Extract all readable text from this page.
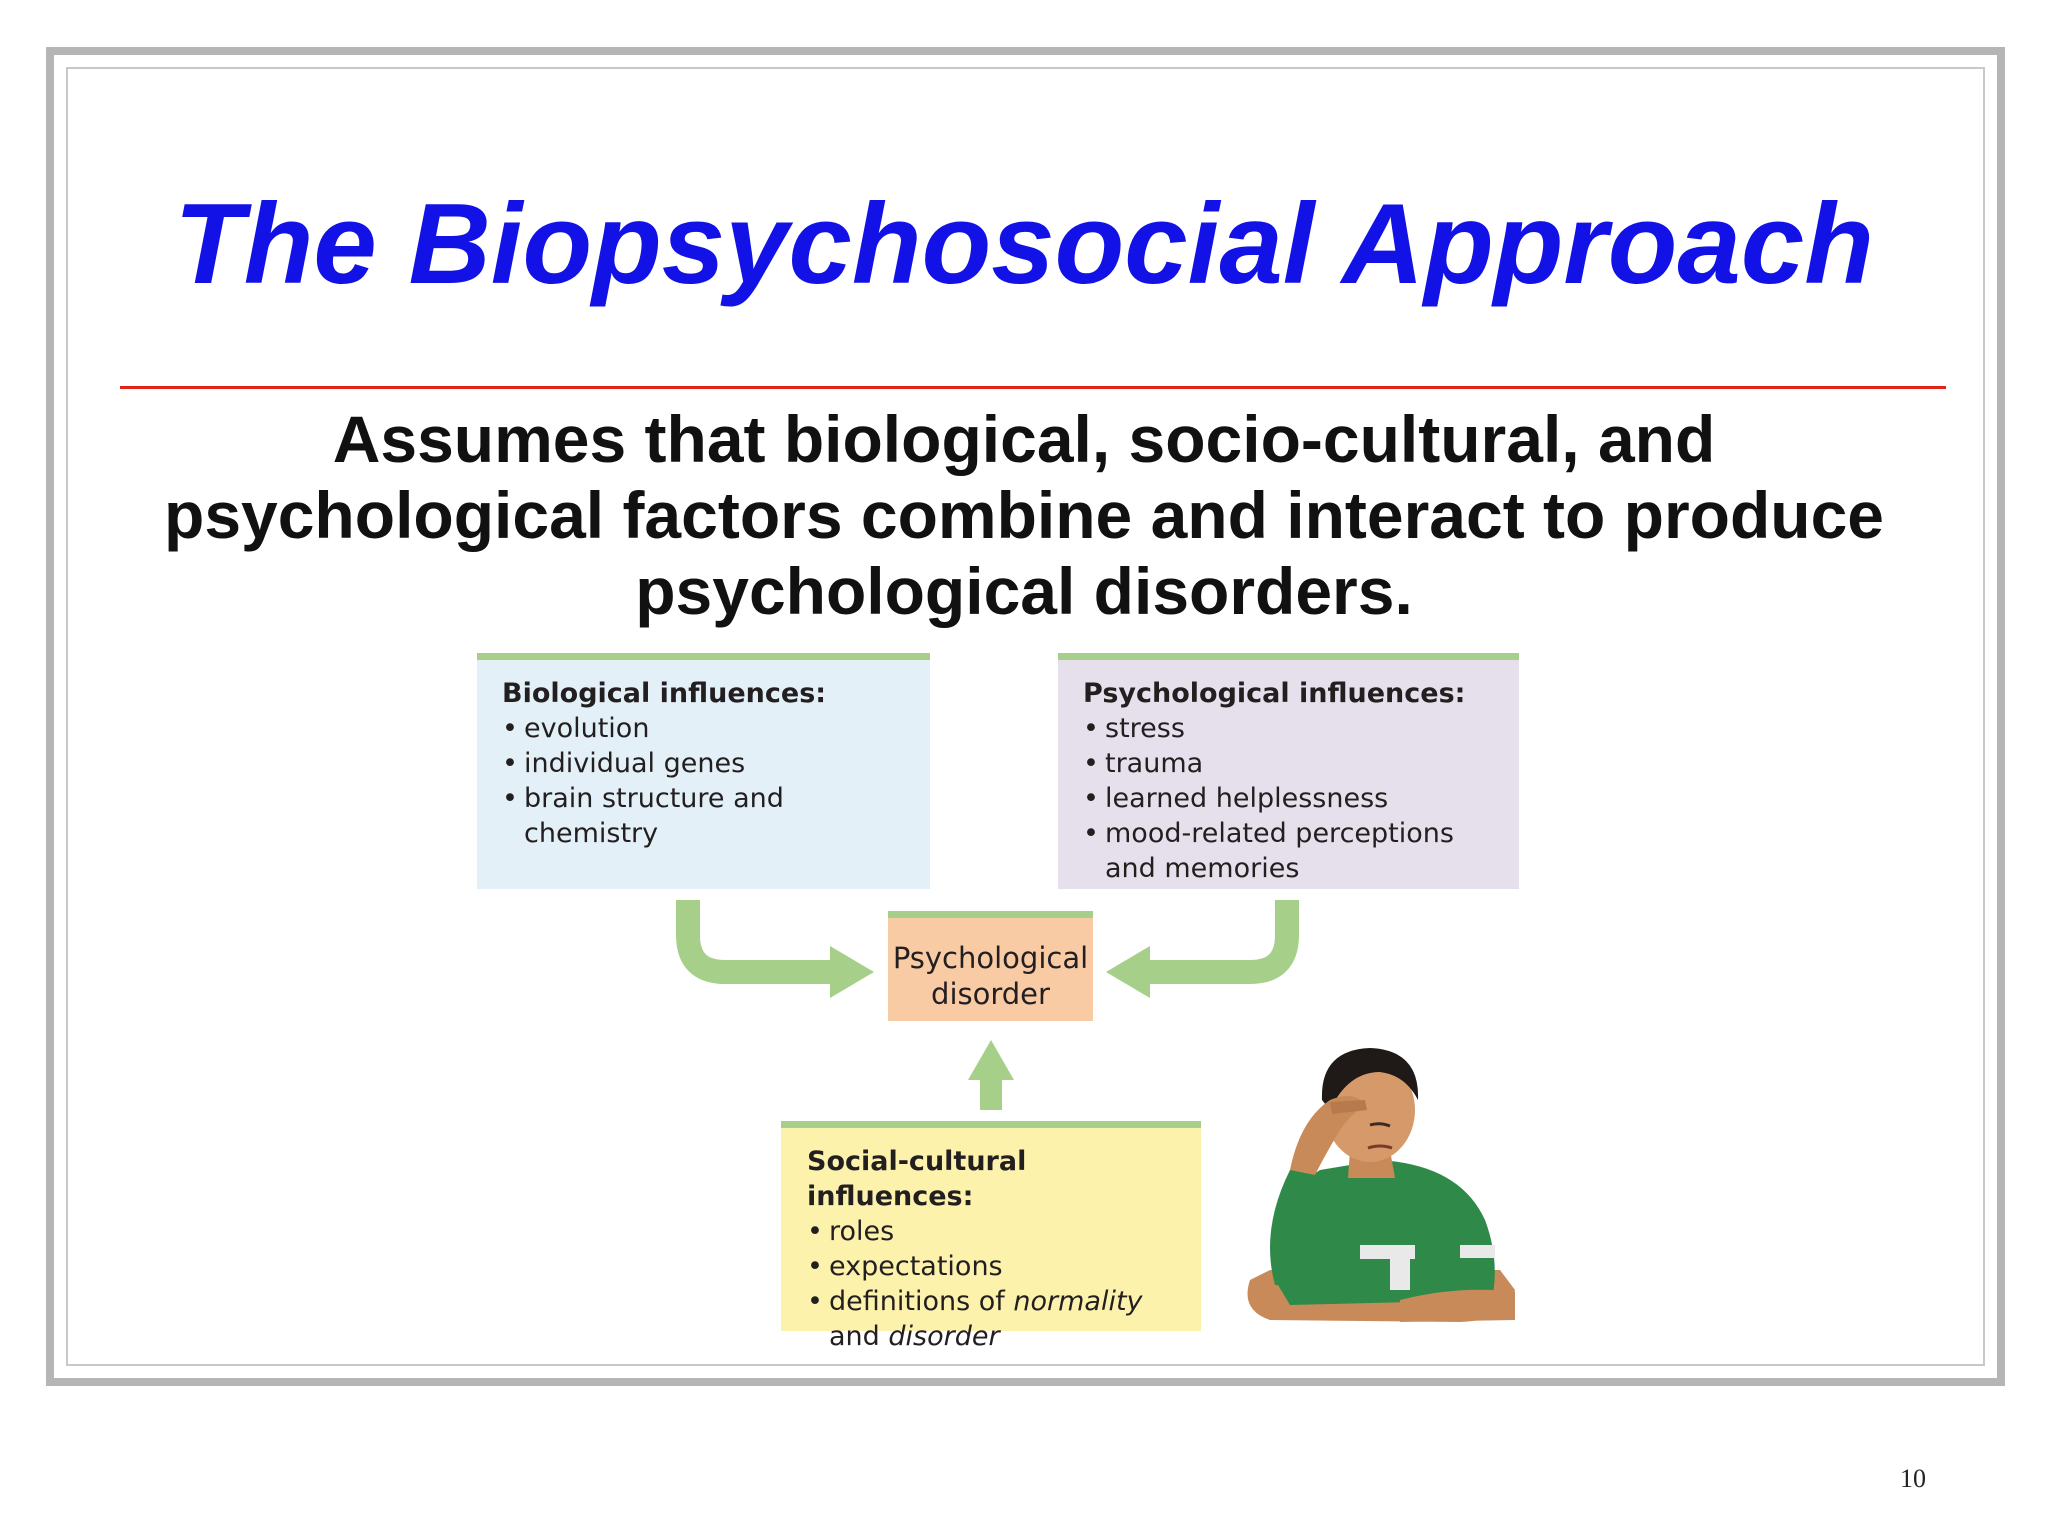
The Biopsychosocial Approach
Assumes that biological, socio-cultural, and psychological factors combine and interact to produce psychological disorders.
Biological influences:
• evolution
• individual genes
• brain structure and chemistry
Psychological influences:
• stress
• trauma
• learned helplessness
• mood-related perceptions and memories
Psychological
disorder
Social-cultural influences:
• roles
• expectations
• definitions of normality and disorder
10
